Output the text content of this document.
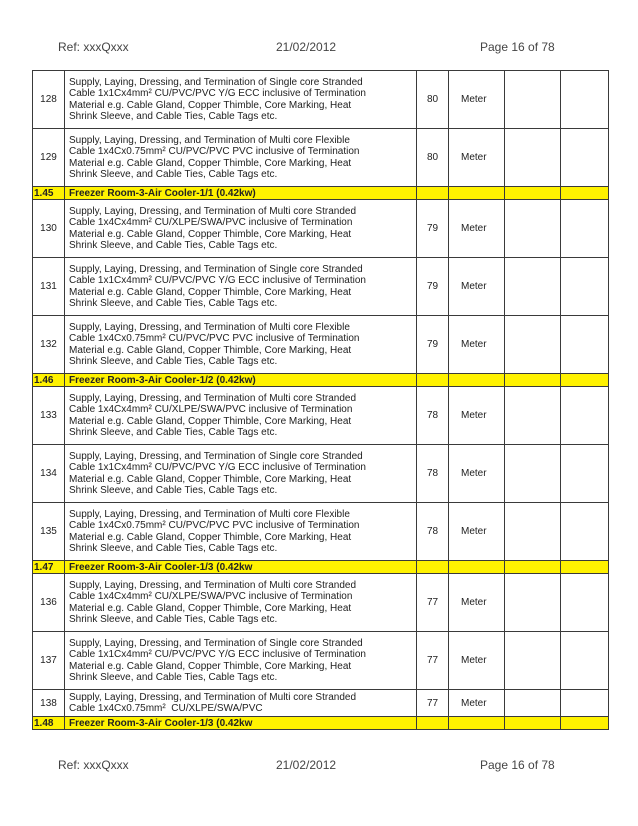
Ref: xxxQxxx	21/02/2012	Page 16 of 78
128	Supply, Laying, Dressing, and Termination of Single core Stranded
Cable 1x1Cx4mm² CU/PVC/PVC Y/G ECC inclusive of Termination
Material e.g. Cable Gland, Copper Thimble, Core Marking, Heat
Shrink Sleeve, and Cable Ties, Cable Tags etc.	80	Meter		
129	Supply, Laying, Dressing, and Termination of Multi core Flexible
Cable 1x4Cx0.75mm² CU/PVC/PVC PVC inclusive of Termination
Material e.g. Cable Gland, Copper Thimble, Core Marking, Heat
Shrink Sleeve, and Cable Ties, Cable Tags etc.	80	Meter		
1.45	Freezer Room-3-Air Cooler-1/1 (0.42kw)				
130	Supply, Laying, Dressing, and Termination of Multi core Stranded
Cable 1x4Cx4mm² CU/XLPE/SWA/PVC inclusive of Termination
Material e.g. Cable Gland, Copper Thimble, Core Marking, Heat
Shrink Sleeve, and Cable Ties, Cable Tags etc.	79	Meter		
131	Supply, Laying, Dressing, and Termination of Single core Stranded
Cable 1x1Cx4mm² CU/PVC/PVC Y/G ECC inclusive of Termination
Material e.g. Cable Gland, Copper Thimble, Core Marking, Heat
Shrink Sleeve, and Cable Ties, Cable Tags etc.	79	Meter		
132	Supply, Laying, Dressing, and Termination of Multi core Flexible
Cable 1x4Cx0.75mm² CU/PVC/PVC PVC inclusive of Termination
Material e.g. Cable Gland, Copper Thimble, Core Marking, Heat
Shrink Sleeve, and Cable Ties, Cable Tags etc.	79	Meter		
1.46	Freezer Room-3-Air Cooler-1/2 (0.42kw)				
133	Supply, Laying, Dressing, and Termination of Multi core Stranded
Cable 1x4Cx4mm² CU/XLPE/SWA/PVC inclusive of Termination
Material e.g. Cable Gland, Copper Thimble, Core Marking, Heat
Shrink Sleeve, and Cable Ties, Cable Tags etc.	78	Meter		
134	Supply, Laying, Dressing, and Termination of Single core Stranded
Cable 1x1Cx4mm² CU/PVC/PVC Y/G ECC inclusive of Termination
Material e.g. Cable Gland, Copper Thimble, Core Marking, Heat
Shrink Sleeve, and Cable Ties, Cable Tags etc.	78	Meter		
135	Supply, Laying, Dressing, and Termination of Multi core Flexible
Cable 1x4Cx0.75mm² CU/PVC/PVC PVC inclusive of Termination
Material e.g. Cable Gland, Copper Thimble, Core Marking, Heat
Shrink Sleeve, and Cable Ties, Cable Tags etc.	78	Meter		
1.47	Freezer Room-3-Air Cooler-1/3 (0.42kw				
136	Supply, Laying, Dressing, and Termination of Multi core Stranded
Cable 1x4Cx4mm² CU/XLPE/SWA/PVC inclusive of Termination
Material e.g. Cable Gland, Copper Thimble, Core Marking, Heat
Shrink Sleeve, and Cable Ties, Cable Tags etc.	77	Meter		
137	Supply, Laying, Dressing, and Termination of Single core Stranded
Cable 1x1Cx4mm² CU/PVC/PVC Y/G ECC inclusive of Termination
Material e.g. Cable Gland, Copper Thimble, Core Marking, Heat
Shrink Sleeve, and Cable Ties, Cable Tags etc.	77	Meter		
138	Supply, Laying, Dressing, and Termination of Multi core Stranded
Cable 1x4Cx0.75mm²  CU/XLPE/SWA/PVC	77	Meter		
1.48	Freezer Room-3-Air Cooler-1/3 (0.42kw				
Ref: xxxQxxx	21/02/2012	Page 16 of 78
